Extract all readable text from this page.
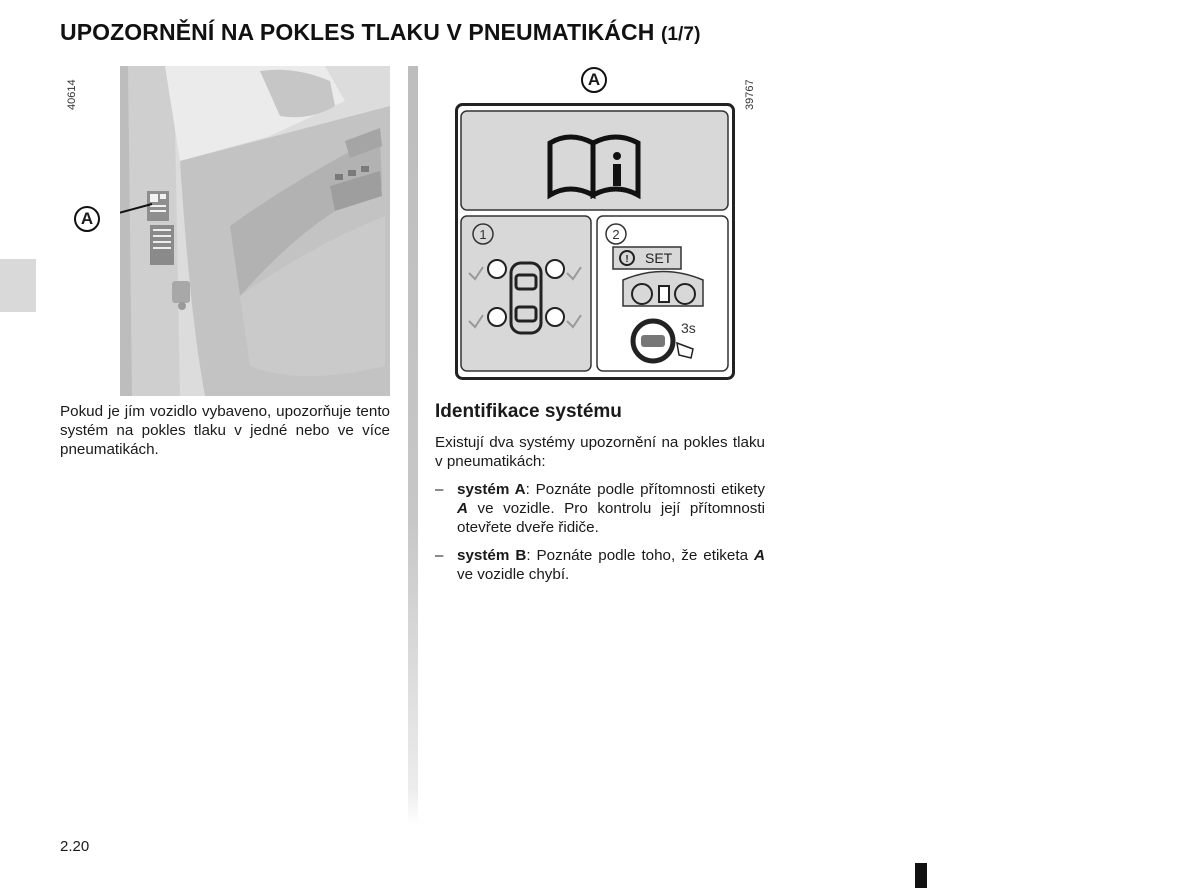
UPOZORNĚNÍ NA POKLES TLAKU V PNEUMATIKÁCH (1/7)
40614
A

Pokud je jím vozidlo vybaveno, upozorňuje tento systém na pokles tlaku v jedné nebo ve více pneumatikách.

A	39767
1	2
! SET
3s
Identifikace systému

Existují dva systémy upozornění na pokles tlaku v pneumatikách:

– systém A: Poznáte podle přítomnosti etikety A ve vozidle. Pro kontrolu její přítomnosti otevřete dveře řidiče.
– systém B: Poznáte podle toho, že etiketa A ve vozidle chybí.
2.20
